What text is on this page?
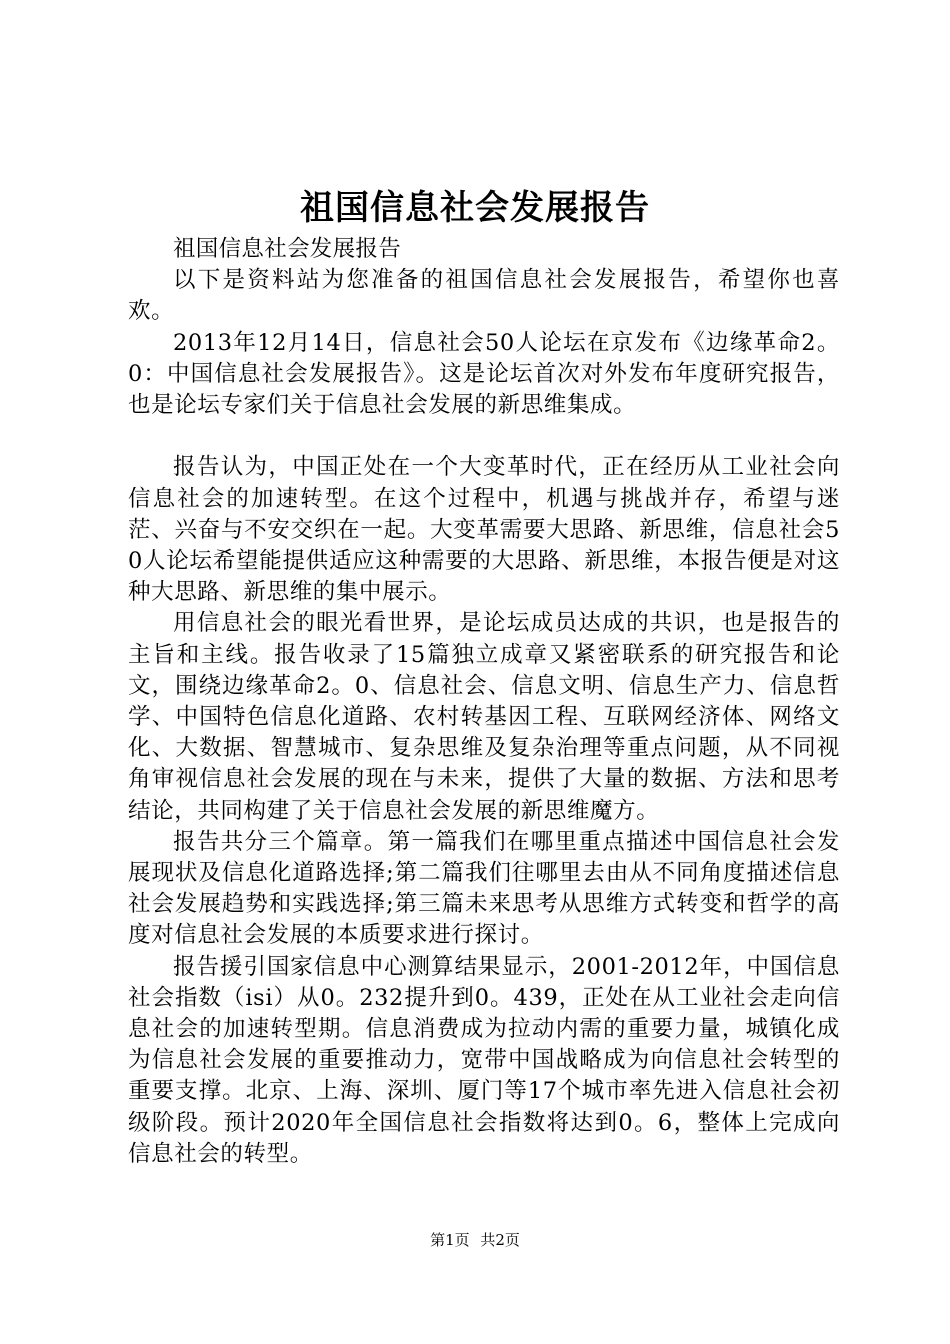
祖国信息社会发展报告

祖国信息社会发展报告

以下是资料站为您准备的祖国信息社会发展报告，希望你也喜欢。

2013年12月14日，信息社会50人论坛在京发布《边缘革命2。0：中国信息社会发展报告》。这是论坛首次对外发布年度研究报告，也是论坛专家们关于信息社会发展的新思维集成。

报告认为，中国正处在一个大变革时代，正在经历从工业社会向信息社会的加速转型。在这个过程中，机遇与挑战并存，希望与迷茫、兴奋与不安交织在一起。大变革需要大思路、新思维，信息社会50人论坛希望能提供适应这种需要的大思路、新思维，本报告便是对这种大思路、新思维的集中展示。

用信息社会的眼光看世界，是论坛成员达成的共识，也是报告的主旨和主线。报告收录了15篇独立成章又紧密联系的研究报告和论文，围绕边缘革命2。0、信息社会、信息文明、信息生产力、信息哲学、中国特色信息化道路、农村转基因工程、互联网经济体、网络文化、大数据、智慧城市、复杂思维及复杂治理等重点问题，从不同视角审视信息社会发展的现在与未来，提供了大量的数据、方法和思考结论，共同构建了关于信息社会发展的新思维魔方。

报告共分三个篇章。第一篇我们在哪里重点描述中国信息社会发展现状及信息化道路选择;第二篇我们往哪里去由从不同角度描述信息社会发展趋势和实践选择;第三篇未来思考从思维方式转变和哲学的高度对信息社会发展的本质要求进行探讨。

报告援引国家信息中心测算结果显示，2001-2012年，中国信息社会指数（isi）从0。232提升到0。439，正处在从工业社会走向信息社会的加速转型期。信息消费成为拉动内需的重要力量，城镇化成为信息社会发展的重要推动力，宽带中国战略成为向信息社会转型的重要支撑。北京、上海、深圳、厦门等17个城市率先进入信息社会初级阶段。预计2020年全国信息社会指数将达到0。6，整体上完成向信息社会的转型。

第1页 共2页
